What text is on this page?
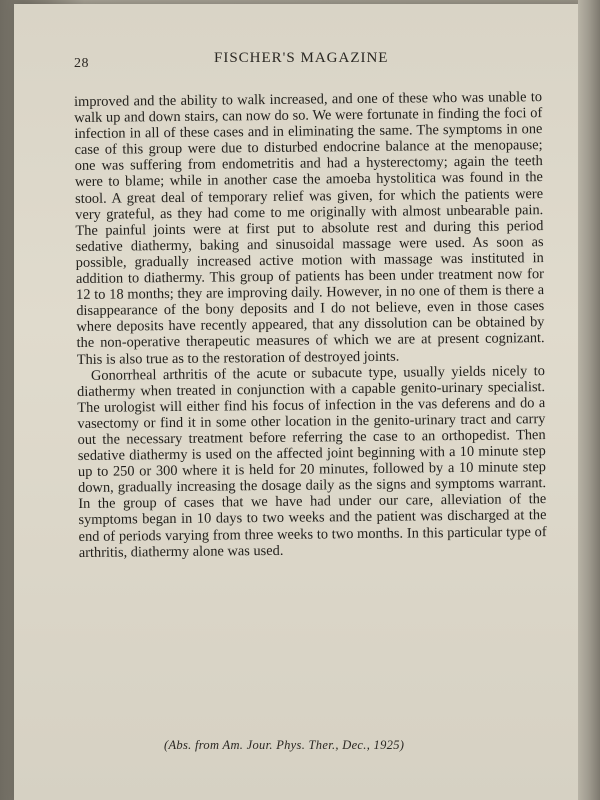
28	FISCHER'S MAGAZINE

improved and the ability to walk increased, and one of these who was unable to walk up and down stairs, can now do so. We were fortunate in finding the foci of infection in all of these cases and in eliminating the same. The symptoms in one case of this group were due to disturbed endocrine balance at the menopause; one was suffering from endometritis and had a hysterectomy; again the teeth were to blame; while in another case the amoeba hystolitica was found in the stool. A great deal of temporary relief was given, for which the patients were very grateful, as they had come to me originally with almost unbearable pain. The painful joints were at first put to absolute rest and during this period sedative diathermy, baking and sinusoidal massage were used. As soon as possible, gradually increased active motion with massage was instituted in addition to diathermy. This group of patients has been under treatment now for 12 to 18 months; they are improving daily. However, in no one of them is there a disappearance of the bony deposits and I do not believe, even in those cases where deposits have recently appeared, that any dissolution can be obtained by the non-operative therapeutic measures of which we are at present cognizant. This is also true as to the restoration of destroyed joints.

Gonorrheal arthritis of the acute or subacute type, usually yields nicely to diathermy when treated in conjunction with a capable genito-urinary specialist. The urologist will either find his focus of infection in the vas deferens and do a vasectomy or find it in some other location in the genito-urinary tract and carry out the necessary treatment before referring the case to an orthopedist. Then sedative diathermy is used on the affected joint beginning with a 10 minute step up to 250 or 300 where it is held for 20 minutes, followed by a 10 minute step down, gradually increasing the dosage daily as the signs and symptoms warrant. In the group of cases that we have had under our care, alleviation of the symptoms began in 10 days to two weeks and the patient was discharged at the end of periods varying from three weeks to two months. In this particular type of arthritis, diathermy alone was used.

(Abs. from Am. Jour. Phys. Ther., Dec., 1925)
